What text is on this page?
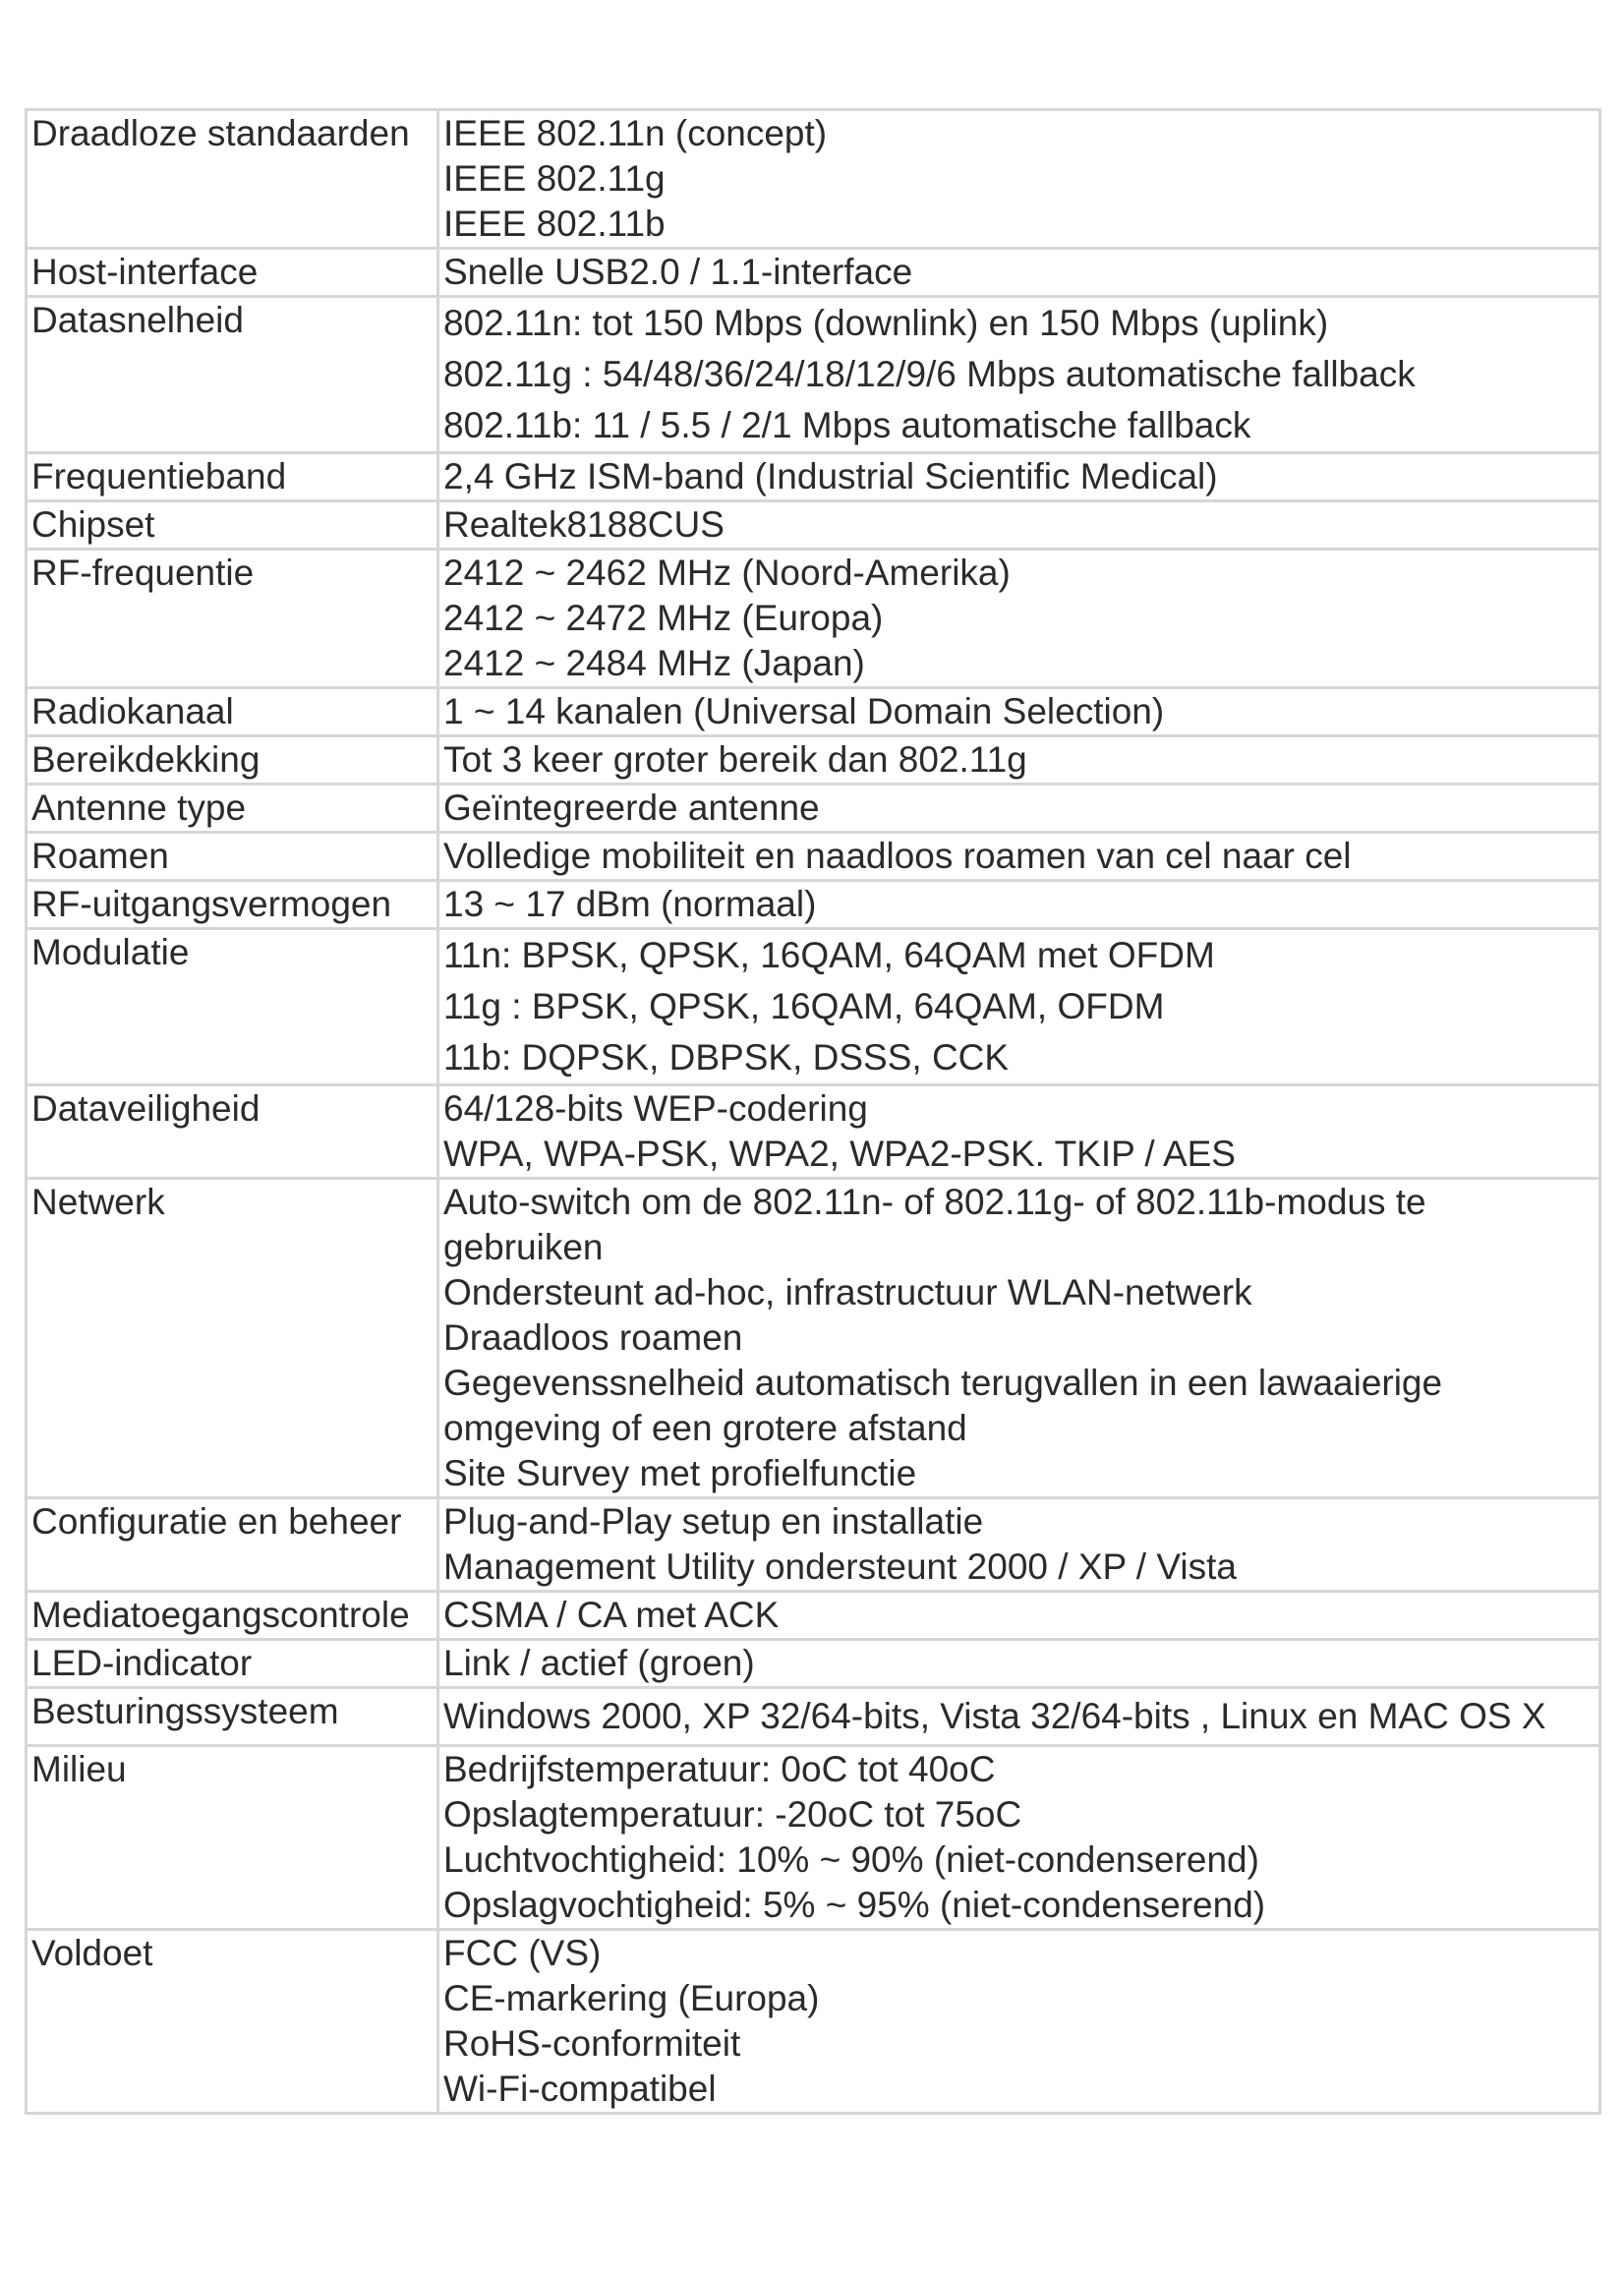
Draadloze standaarden	IEEE 802.11n (concept)
IEEE 802.11g
IEEE 802.11b

Host-interface	Snelle USB2.0 / 1.1-interface

Datasnelheid	802.11n: tot 150 Mbps (downlink) en 150 Mbps (uplink)
802.11g : 54/48/36/24/18/12/9/6 Mbps automatische fallback
802.11b: 11 / 5.5 / 2/1 Mbps automatische fallback

Frequentieband	2,4 GHz ISM-band (Industrial Scientific Medical)

Chipset	Realtek8188CUS

RF-frequentie	2412 ~ 2462 MHz (Noord-Amerika)
2412 ~ 2472 MHz (Europa)
2412 ~ 2484 MHz (Japan)

Radiokanaal	1 ~ 14 kanalen (Universal Domain Selection)

Bereikdekking	Tot 3 keer groter bereik dan 802.11g

Antenne type	Geïntegreerde antenne

Roamen	Volledige mobiliteit en naadloos roamen van cel naar cel

RF-uitgangsvermogen	13 ~ 17 dBm (normaal)

Modulatie	11n: BPSK, QPSK, 16QAM, 64QAM met OFDM
11g : BPSK, QPSK, 16QAM, 64QAM, OFDM
11b: DQPSK, DBPSK, DSSS, CCK

Dataveiligheid	64/128-bits WEP-codering
WPA, WPA-PSK, WPA2, WPA2-PSK. TKIP / AES

Netwerk	Auto-switch om de 802.11n- of 802.11g- of 802.11b-modus te gebruiken
Ondersteunt ad-hoc, infrastructuur WLAN-netwerk
Draadloos roamen
Gegevenssnelheid automatisch terugvallen in een lawaaierige omgeving of een grotere afstand
Site Survey met profielfunctie

Configuratie en beheer	Plug-and-Play setup en installatie
Management Utility ondersteunt 2000 / XP / Vista

Mediatoegangscontrole	CSMA / CA met ACK

LED-indicator	Link / actief (groen)

Besturingssysteem	Windows 2000, XP 32/64-bits, Vista 32/64-bits , Linux en MAC OS X

Milieu	Bedrijfstemperatuur: 0oC tot 40oC
Opslagtemperatuur: -20oC tot 75oC
Luchtvochtigheid: 10% ~ 90% (niet-condenserend)
Opslagvochtigheid: 5% ~ 95% (niet-condenserend)

Voldoet	FCC (VS)
CE-markering (Europa)
RoHS-conformiteit
Wi-Fi-compatibel
